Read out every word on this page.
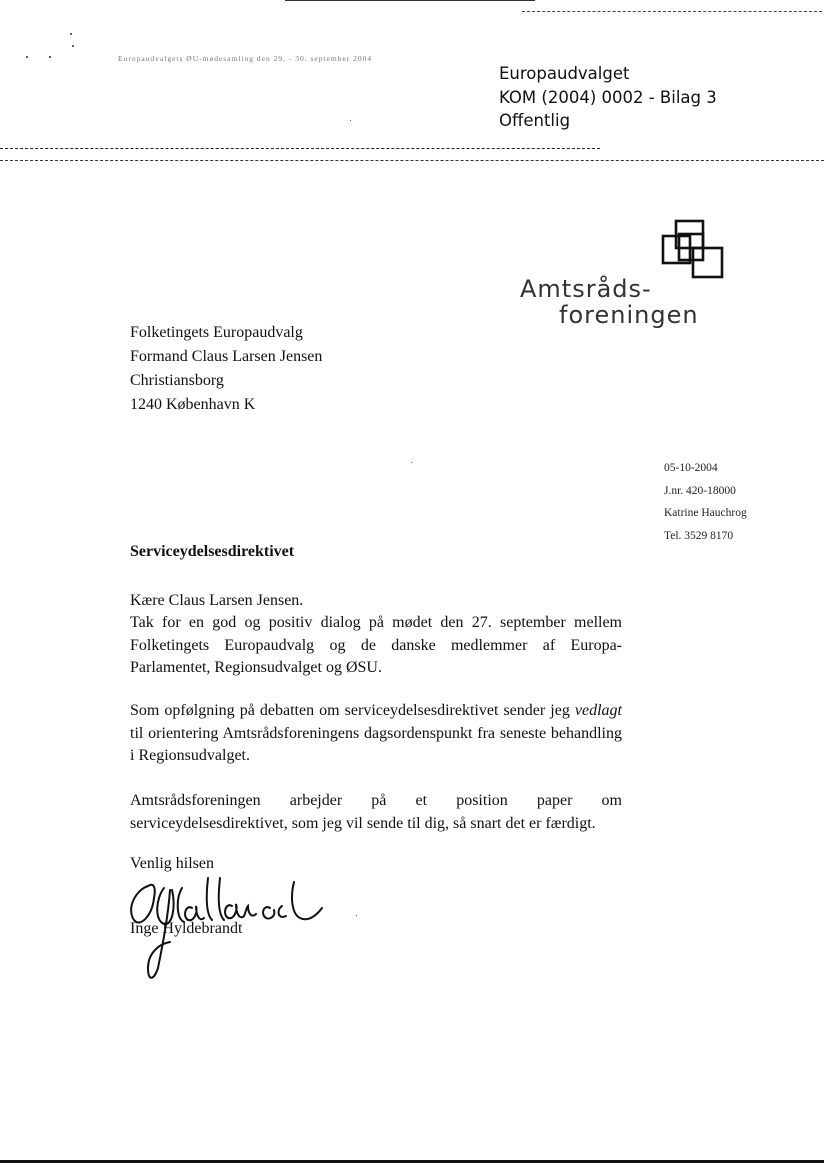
Europaudvalgets ØU-mødesamling den 29. - 30. september 2004
Europaudvalget
KOM (2004) 0002 - Bilag 3
Offentlig
Amtsråds-
foreningen
Folketingets Europaudvalg
Formand Claus Larsen Jensen
Christiansborg
1240 København K
05-10-2004
J.nr. 420-18000
Katrine Hauchrog
Tel. 3529 8170
Serviceydelsesdirektivet
Kære Claus Larsen Jensen.
Tak for en god og positiv dialog på mødet den 27. september mellem Folketingets Europaudvalg og de danske medlemmer af Europa-Parlamentet, Regionsudvalget og ØSU.
Som opfølgning på debatten om serviceydelsesdirektivet sender jeg vedlagt til orientering Amtsrådsforeningens dagsordenspunkt fra seneste behandling i Regionsudvalget.
Amtsrådsforeningen arbejder på et position paper om serviceydelsesdirektivet, som jeg vil sende til dig, så snart det er færdigt.
Venlig hilsen
Inge Hyldebrandt
